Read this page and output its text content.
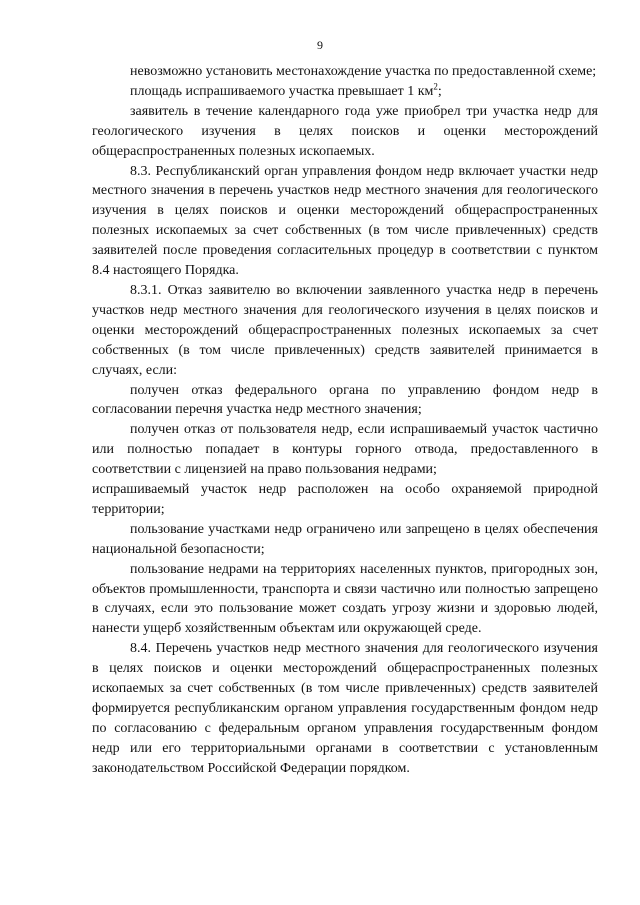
9

невозможно установить местонахождение участка по предоставленной схеме;

площадь испрашиваемого участка превышает 1 $км^2$;

заявитель в течение календарного года уже приобрел три участка недр для геологического изучения в целях поисков и оценки месторождений общераспространенных полезных ископаемых.

8.3. Республиканский орган управления фондом недр включает участки недр местного значения в перечень участков недр местного значения для геологического изучения в целях поисков и оценки месторождений общераспространенных полезных ископаемых за счет собственных (в том числе привлеченных) средств заявителей после проведения согласительных процедур в соответствии с пунктом 8.4 настоящего Порядка.

8.3.1. Отказ заявителю во включении заявленного участка недр в перечень участков недр местного значения для геологического изучения в целях поисков и оценки месторождений общераспространенных полезных ископаемых за счет собственных (в том числе привлеченных) средств заявителей принимается в случаях, если:

получен отказ федерального органа по управлению фондом недр в согласовании перечня участка недр местного значения;

получен отказ от пользователя недр, если испрашиваемый участок частично или полностью попадает в контуры горного отвода, предоставленного в соответствии с лицензией на право пользования недрами;

испрашиваемый участок недр расположен на особо охраняемой природной территории;

пользование участками недр ограничено или запрещено в целях обеспечения национальной безопасности;

пользование недрами на территориях населенных пунктов, пригородных зон, объектов промышленности, транспорта и связи частично или полностью запрещено в случаях, если это пользование может создать угрозу жизни и здоровью людей, нанести ущерб хозяйственным объектам или окружающей среде.

8.4. Перечень участков недр местного значения для геологического изучения в целях поисков и оценки месторождений общераспространенных полезных ископаемых за счет собственных (в том числе привлеченных) средств заявителей формируется республиканским органом управления государственным фондом недр по согласованию с федеральным органом управления государственным фондом недр или его территориальными органами в соответствии с установленным законодательством Российской Федерации порядком.
